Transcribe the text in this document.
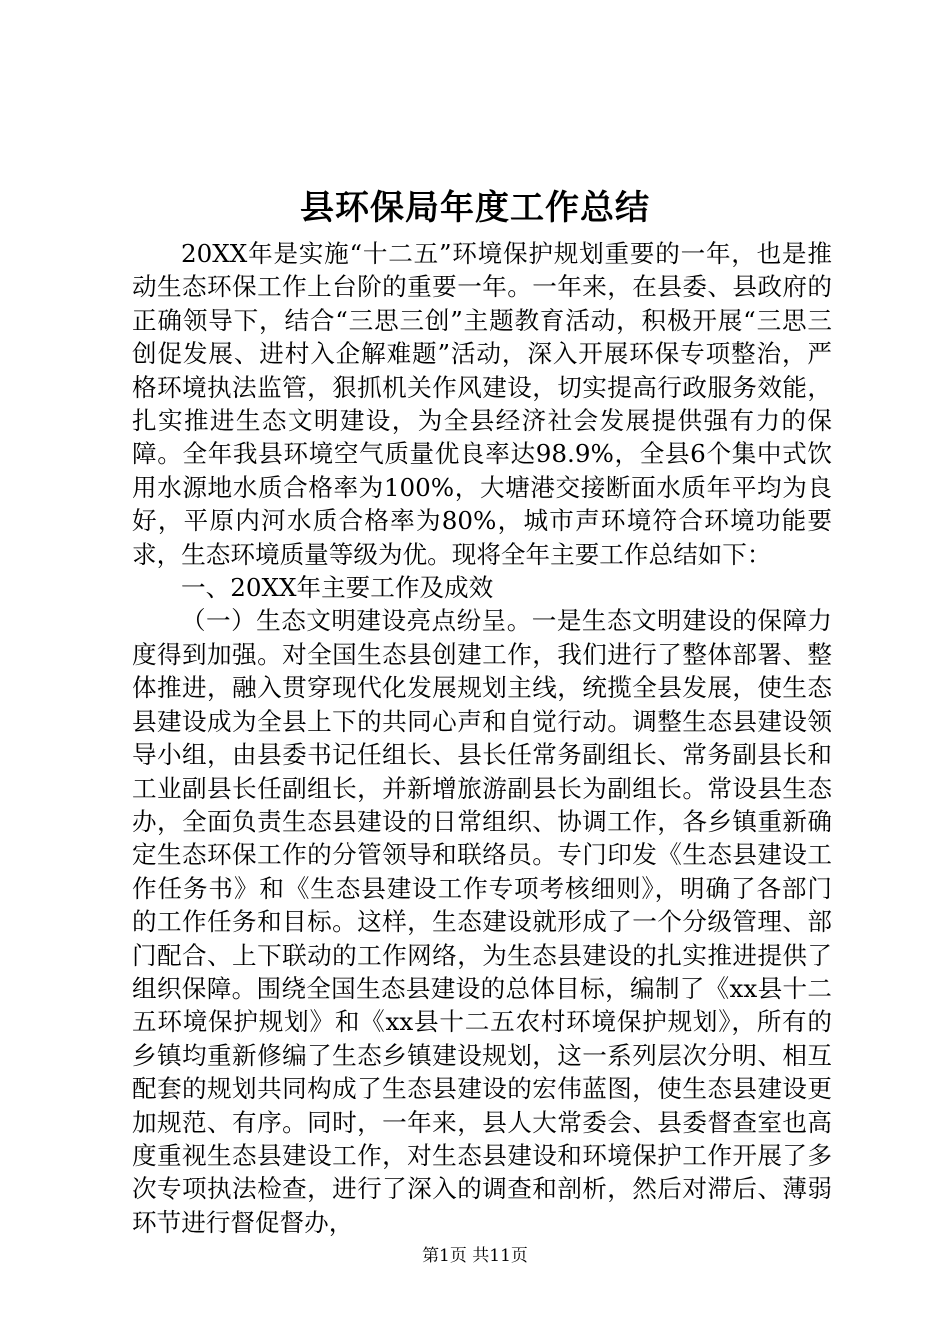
县环保局年度工作总结

20XX年是实施“十二五”环境保护规划重要的一年，也是推动生态环保工作上台阶的重要一年。一年来，在县委、县政府的正确领导下，结合“三思三创”主题教育活动，积极开展“三思三创促发展、进村入企解难题”活动，深入开展环保专项整治，严格环境执法监管，狠抓机关作风建设，切实提高行政服务效能，扎实推进生态文明建设，为全县经济社会发展提供强有力的保障。全年我县环境空气质量优良率达98.9%，全县6个集中式饮用水源地水质合格率为100%，大塘港交接断面水质年平均为良好，平原内河水质合格率为80%，城市声环境符合环境功能要求，生态环境质量等级为优。现将全年主要工作总结如下：

一、20XX年主要工作及成效

（一）生态文明建设亮点纷呈。一是生态文明建设的保障力度得到加强。对全国生态县创建工作，我们进行了整体部署、整体推进，融入贯穿现代化发展规划主线，统揽全县发展，使生态县建设成为全县上下的共同心声和自觉行动。调整生态县建设领导小组，由县委书记任组长、县长任常务副组长、常务副县长和工业副县长任副组长，并新增旅游副县长为副组长。常设县生态办，全面负责生态县建设的日常组织、协调工作，各乡镇重新确定生态环保工作的分管领导和联络员。专门印发《生态县建设工作任务书》和《生态县建设工作专项考核细则》，明确了各部门的工作任务和目标。这样，生态建设就形成了一个分级管理、部门配合、上下联动的工作网络，为生态县建设的扎实推进提供了组织保障。围绕全国生态县建设的总体目标，编制了《xx县十二五环境保护规划》和《xx县十二五农村环境保护规划》，所有的乡镇均重新修编了生态乡镇建设规划，这一系列层次分明、相互配套的规划共同构成了生态县建设的宏伟蓝图，使生态县建设更加规范、有序。同时，一年来，县人大常委会、县委督查室也高度重视生态县建设工作，对生态县建设和环境保护工作开展了多次专项执法检查，进行了深入的调查和剖析，然后对滞后、薄弱环节进行督促督办，

第1页 共11页
